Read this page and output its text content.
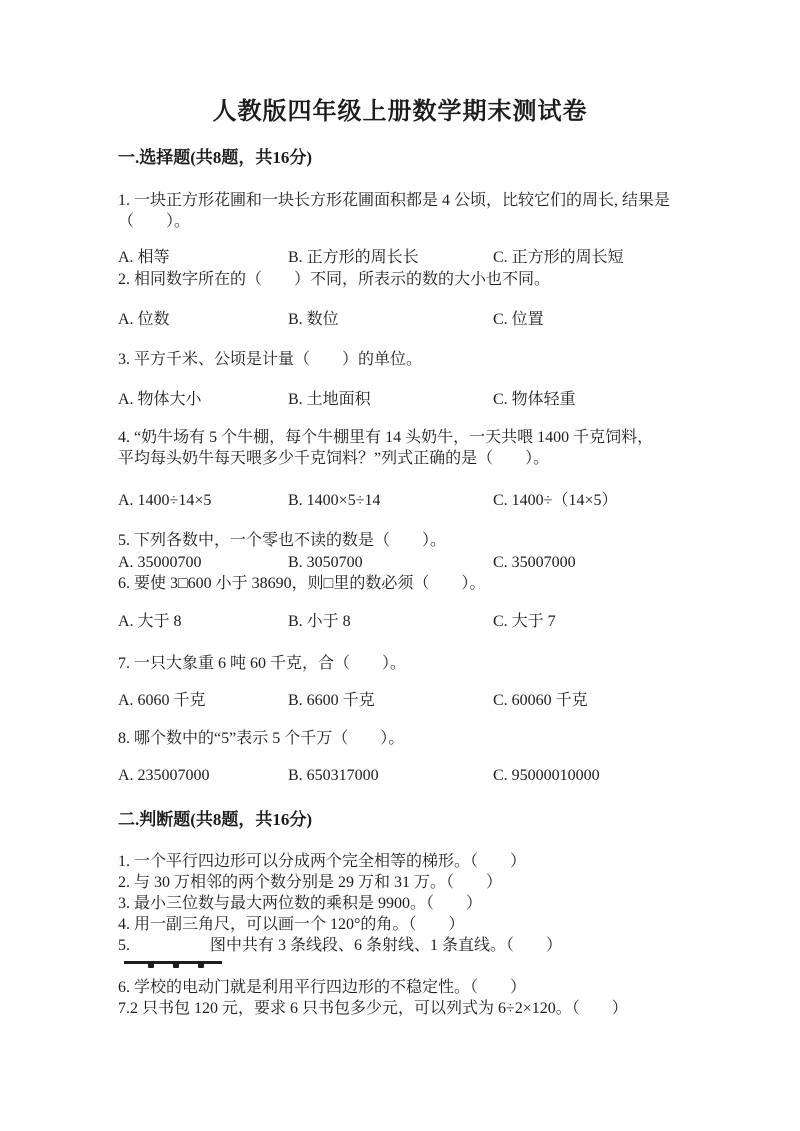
人教版四年级上册数学期末测试卷

一.选择题(共8题，共16分)

1. 一块正方形花圃和一块长方形花圃面积都是 4 公顷，比较它们的周长, 结果是

（　　）。

A. 相等	B. 正方形的周长长	C. 正方形的周长短

2. 相同数字所在的（　　）不同，所表示的数的大小也不同。

A. 位数	B. 数位	C. 位置

3. 平方千米、公顷是计量（　　）的单位。

A. 物体大小	B. 土地面积	C. 物体轻重

4. “奶牛场有 5 个牛棚，每个牛棚里有 14 头奶牛，一天共喂 1400 千克饲料，

平均每头奶牛每天喂多少千克饲料？”列式正确的是（　　）。

A. 1400÷14×5	B. 1400×5÷14	C. 1400÷（14×5）

5. 下列各数中，一个零也不读的数是（　　）。

A. 35000700	B. 3050700	C. 35007000

6. 要使 3□600 小于 38690，则□里的数必须（　　）。

A. 大于 8	B. 小于 8	C. 大于 7

7. 一只大象重 6 吨 60 千克，合（　　）。

A. 6060 千克	B. 6600 千克	C. 60060 千克

8. 哪个数中的“5”表示 5 个千万（　　）。

A. 235007000	B. 650317000	C. 95000010000

二.判断题(共8题，共16分)

1. 一个平行四边形可以分成两个完全相等的梯形。（　　）

2. 与 30 万相邻的两个数分别是 29 万和 31 万。（　　）

3. 最小三位数与最大两位数的乘积是 9900。（　　）

4. 用一副三角尺，可以画一个 120°的角。（　　）

5.　　　　　图中共有 3 条线段、6 条射线、1 条直线。（　　）

6. 学校的电动门就是利用平行四边形的不稳定性。（　　）

7.2 只书包 120 元，要求 6 只书包多少元，可以列式为 6÷2×120。（　　）
